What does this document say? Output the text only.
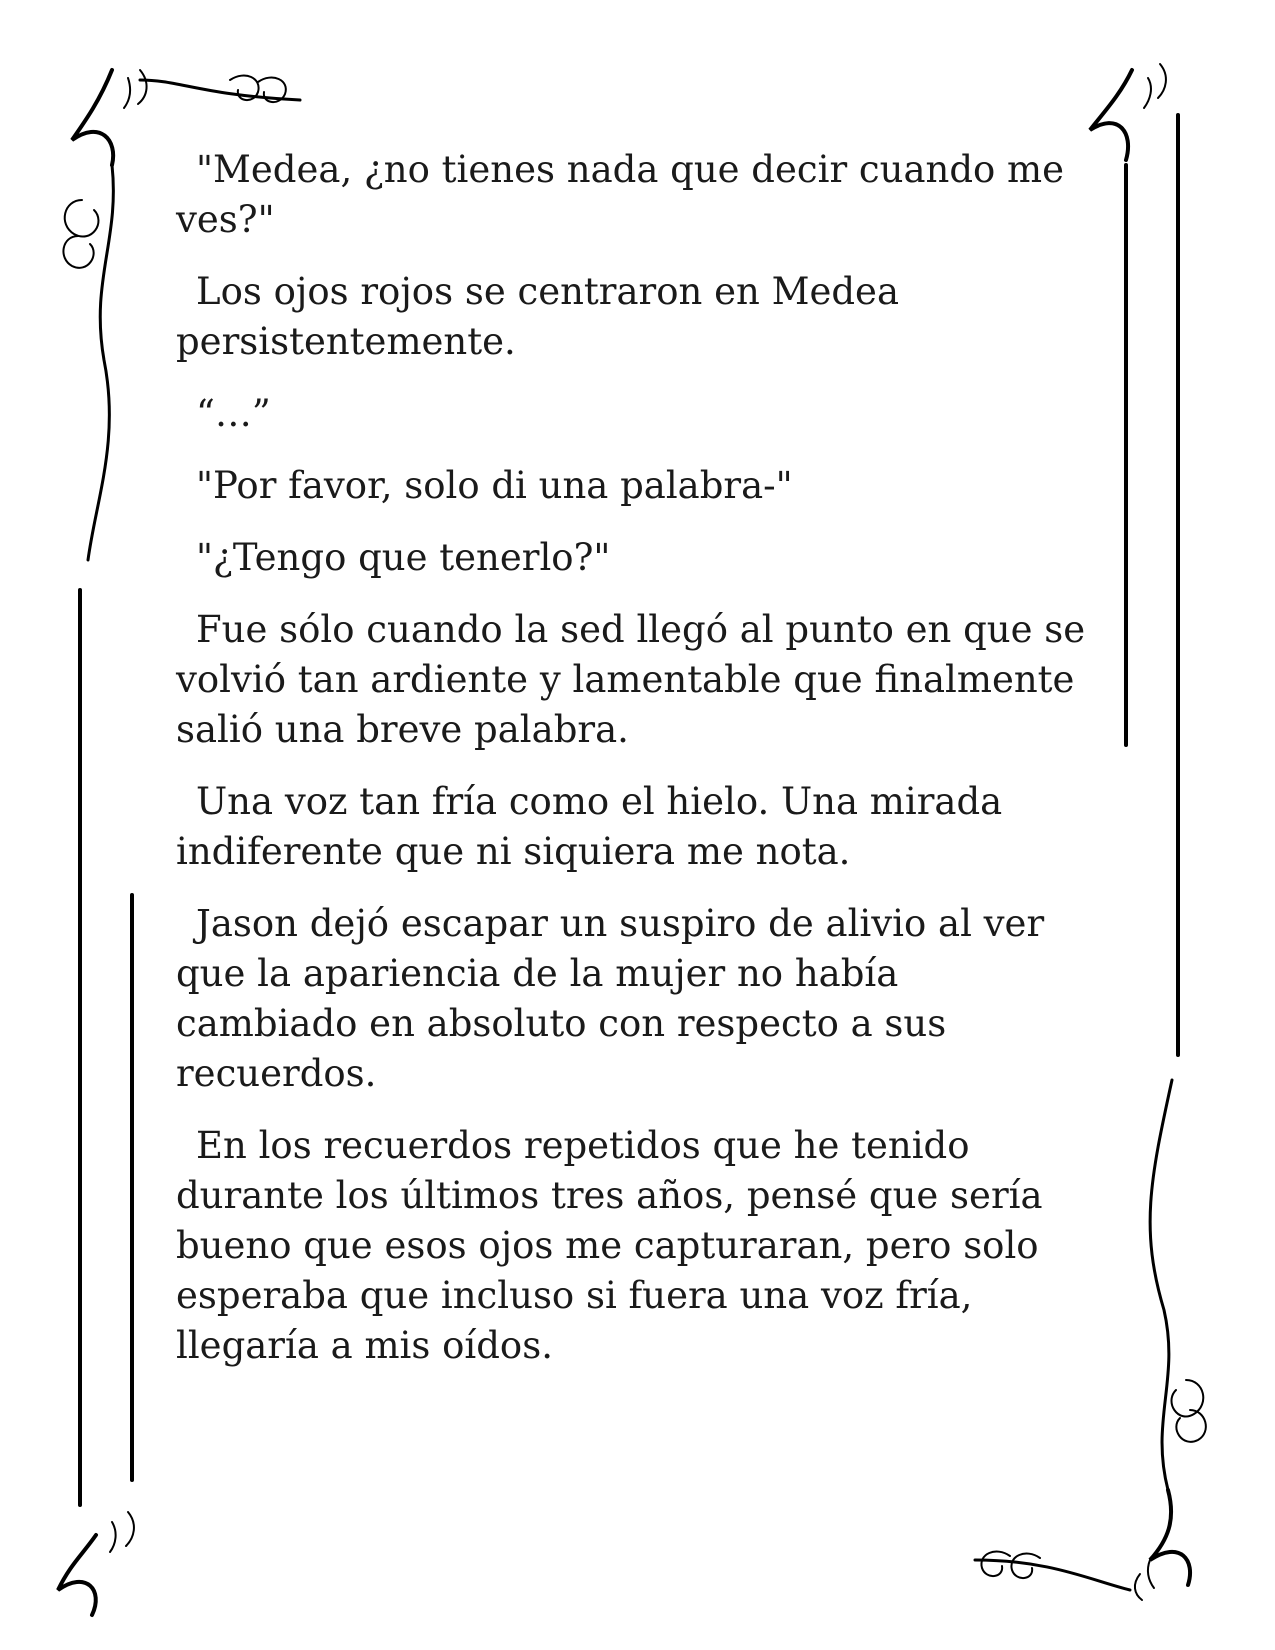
"Medea, ¿no tienes nada que decir cuando me ves?"

Los ojos rojos se centraron en Medea persistentemente.

“…”

"Por favor, solo di una palabra-"

"¿Tengo que tenerlo?"

Fue sólo cuando la sed llegó al punto en que se volvió tan ardiente y lamentable que finalmente salió una breve palabra.

Una voz tan fría como el hielo. Una mirada indiferente que ni siquiera me nota.

Jason dejó escapar un suspiro de alivio al ver que la apariencia de la mujer no había cambiado en absoluto con respecto a sus recuerdos.

En los recuerdos repetidos que he tenido durante los últimos tres años, pensé que sería bueno que esos ojos me capturaran, pero solo esperaba que incluso si fuera una voz fría, llegaría a mis oídos.
